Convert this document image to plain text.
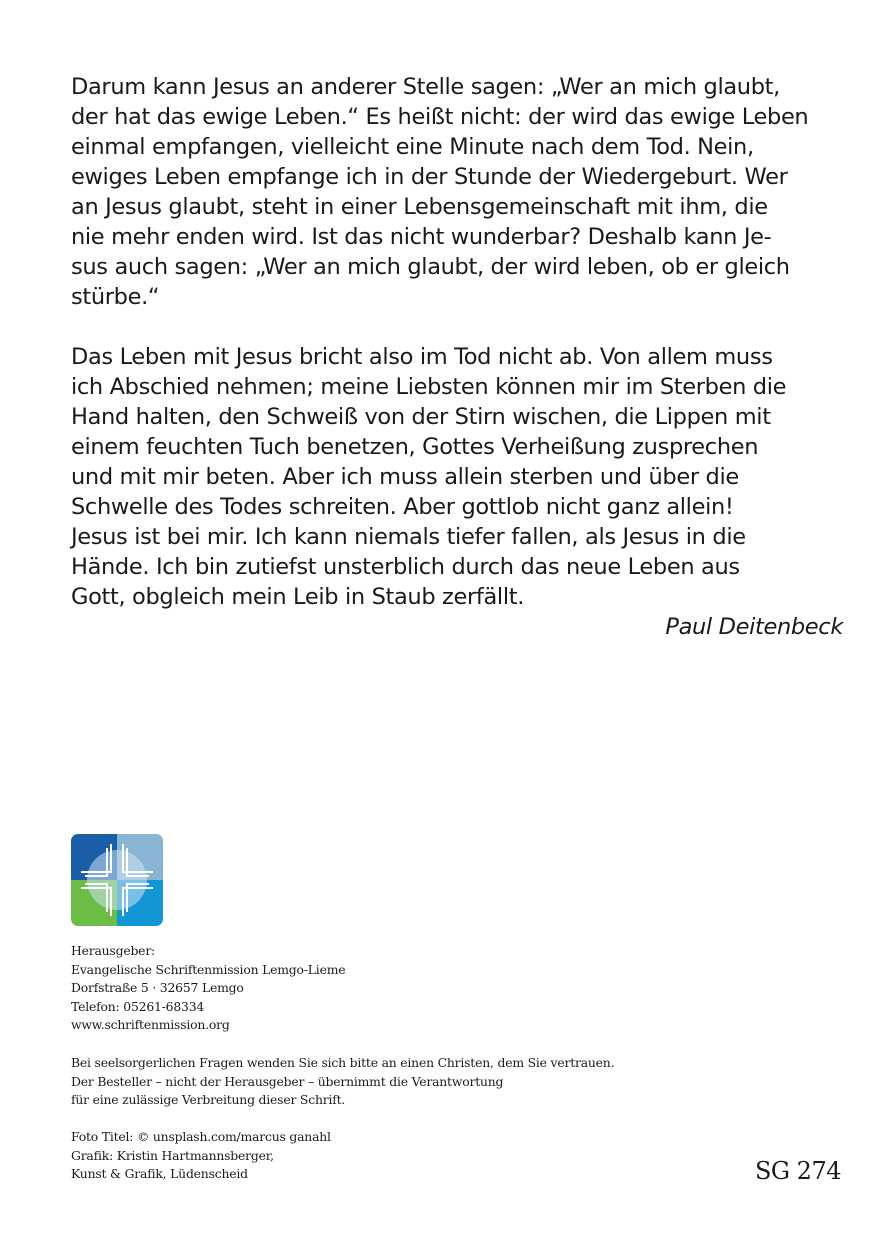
Darum kann Jesus an anderer Stelle sagen: „Wer an mich glaubt,
der hat das ewige Leben.“ Es heißt nicht: der wird das ewige Leben
einmal empfangen, vielleicht eine Minute nach dem Tod. Nein,
ewiges Leben empfange ich in der Stunde der Wiedergeburt. Wer
an Jesus glaubt, steht in einer Lebensgemeinschaft mit ihm, die
nie mehr enden wird. Ist das nicht wunderbar? Deshalb kann Je-
sus auch sagen: „Wer an mich glaubt, der wird leben, ob er gleich
stürbe.“

Das Leben mit Jesus bricht also im Tod nicht ab. Von allem muss
ich Abschied nehmen; meine Liebsten können mir im Sterben die
Hand halten, den Schweiß von der Stirn wischen, die Lippen mit
einem feuchten Tuch benetzen, Gottes Verheißung zusprechen
und mit mir beten. Aber ich muss allein sterben und über die
Schwelle des Todes schreiten. Aber gottlob nicht ganz allein!
Jesus ist bei mir. Ich kann niemals tiefer fallen, als Jesus in die
Hände. Ich bin zutiefst unsterblich durch das neue Leben aus
Gott, obgleich mein Leib in Staub zerfällt.
Paul Deitenbeck

Herausgeber:
Evangelische Schriftenmission Lemgo-Lieme
Dorfstraße 5 · 32657 Lemgo
Telefon: 05261-68334
www.schriftenmission.org
Bei seelsorgerlichen Fragen wenden Sie sich bitte an einen Christen, dem Sie vertrauen.
Der Besteller – nicht der Herausgeber – übernimmt die Verantwortung
für eine zulässige Verbreitung dieser Schrift.
Foto Titel: © unsplash.com/marcus ganahl
Grafik: Kristin Hartmannsberger,
Kunst & Grafik, Lüdenscheid	SG 274
